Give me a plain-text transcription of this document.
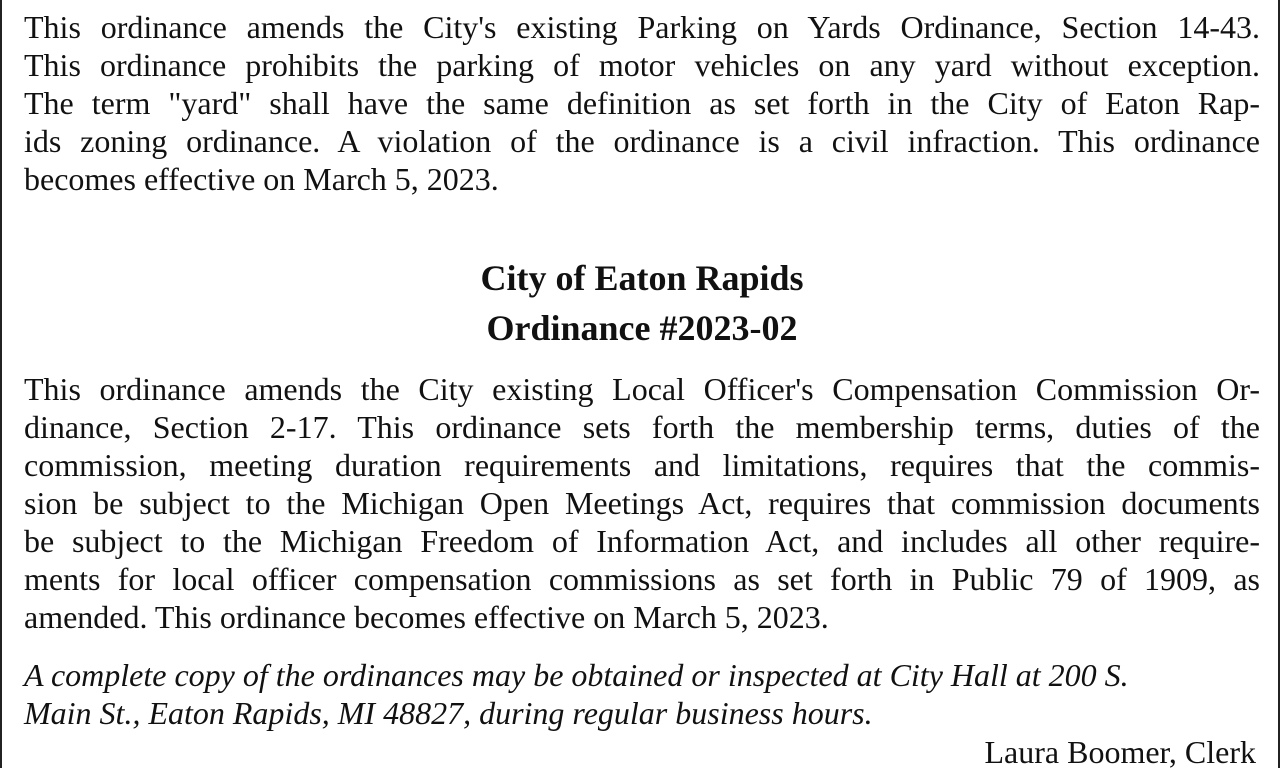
This ordinance amends the City's existing Parking on Yards Ordinance, Section 14-43.
This ordinance prohibits the parking of motor vehicles on any yard without exception.
The term "yard" shall have the same definition as set forth in the City of Eaton Rap-
ids zoning ordinance. A violation of the ordinance is a civil infraction. This ordinance
becomes effective on March 5, 2023.

City of Eaton Rapids
Ordinance #2023-02

This ordinance amends the City existing Local Officer's Compensation Commission Or-
dinance, Section 2-17. This ordinance sets forth the membership terms, duties of the
commission, meeting duration requirements and limitations, requires that the commis-
sion be subject to the Michigan Open Meetings Act, requires that commission documents
be subject to the Michigan Freedom of Information Act, and includes all other require-
ments for local officer compensation commissions as set forth in Public 79 of 1909, as
amended. This ordinance becomes effective on March 5, 2023.

A complete copy of the ordinances may be obtained or inspected at City Hall at 200 S.
Main St., Eaton Rapids, MI 48827, during regular business hours.

Laura Boomer, Clerk
